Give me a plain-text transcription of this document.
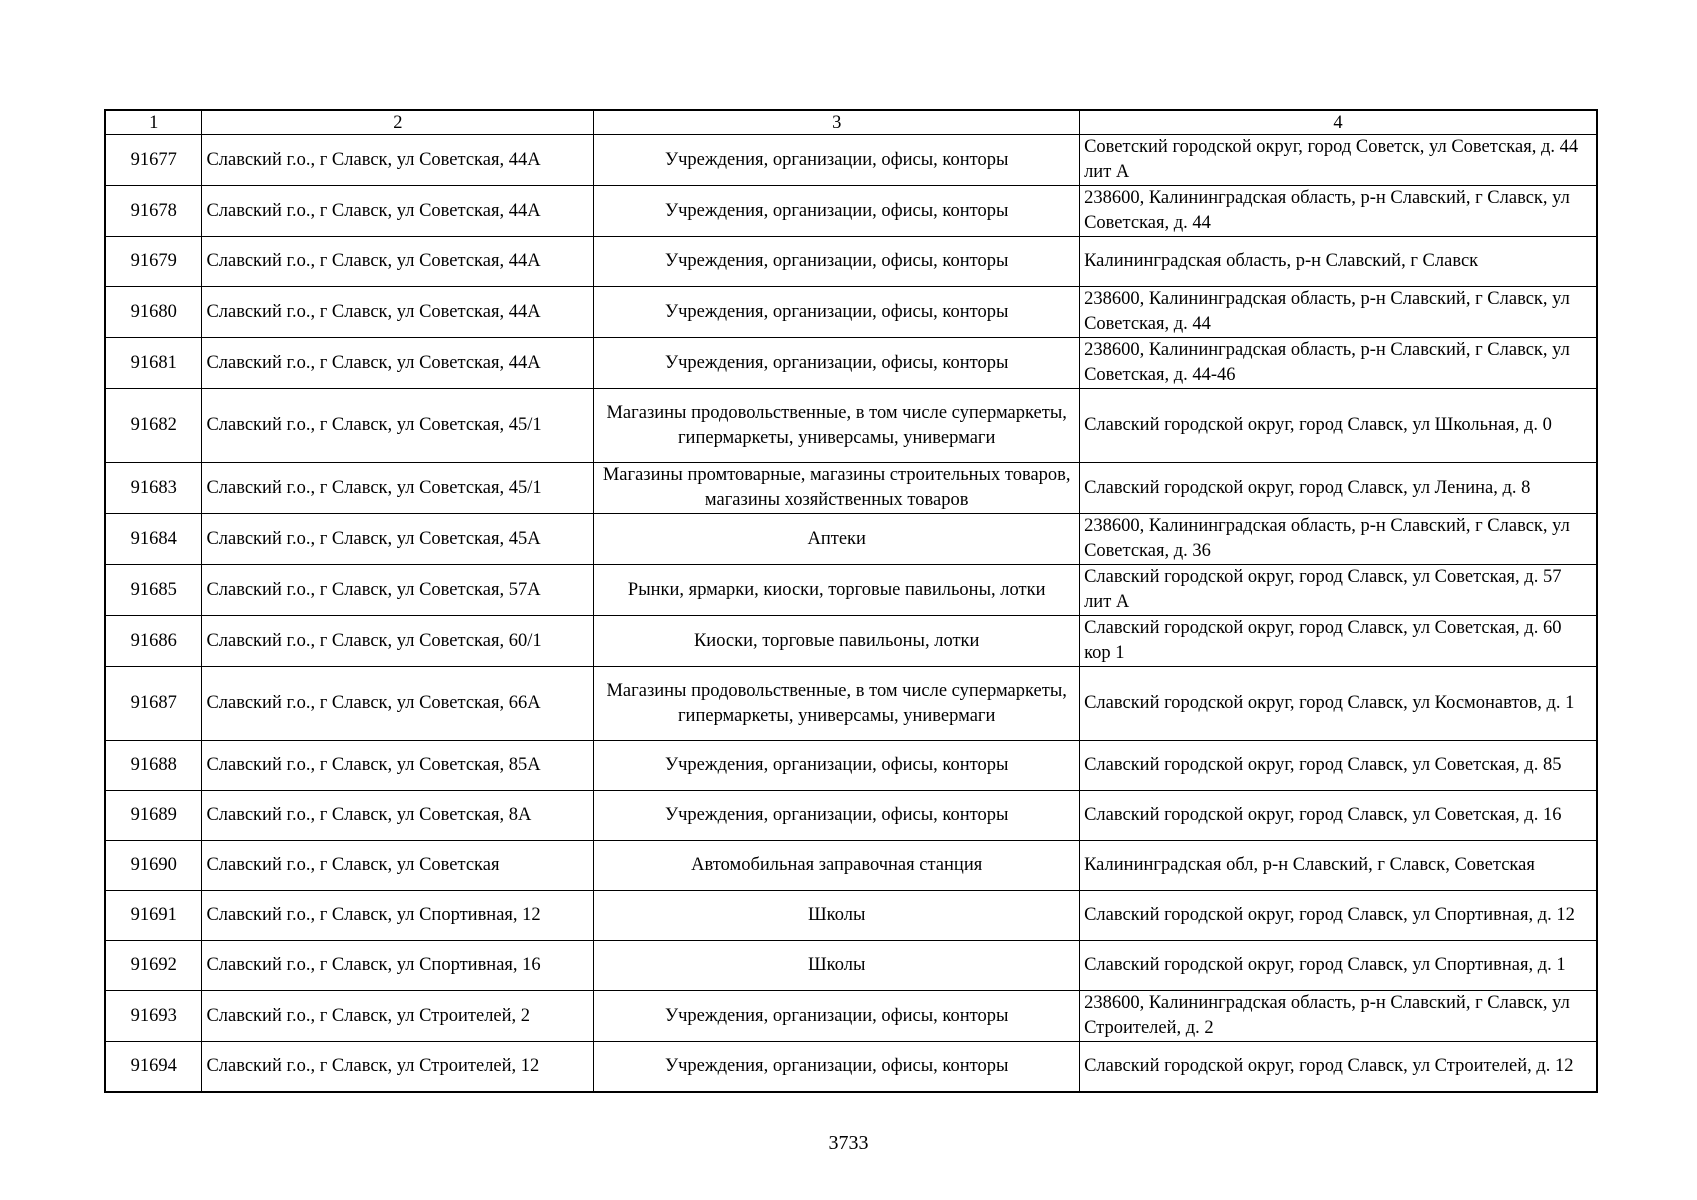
1	2	3	4
91677	Славский г.о., г Славск, ул Советская, 44А	Учреждения, организации, офисы, конторы	Советский городской округ, город Советск, ул Советская, д. 44 лит А
91678	Славский г.о., г Славск, ул Советская, 44А	Учреждения, организации, офисы, конторы	238600, Калининградская область, р-н Славский, г Славск, ул Советская, д. 44
91679	Славский г.о., г Славск, ул Советская, 44А	Учреждения, организации, офисы, конторы	Калининградская область, р-н Славский, г Славск
91680	Славский г.о., г Славск, ул Советская, 44А	Учреждения, организации, офисы, конторы	238600, Калининградская область, р-н Славский, г Славск, ул Советская, д. 44
91681	Славский г.о., г Славск, ул Советская, 44А	Учреждения, организации, офисы, конторы	238600, Калининградская область, р-н Славский, г Славск, ул Советская, д. 44-46
91682	Славский г.о., г Славск, ул Советская, 45/1	Магазины продовольственные, в том числе супермаркеты, гипермаркеты, универсамы, универмаги	Славский городской округ, город Славск, ул Школьная, д. 0
91683	Славский г.о., г Славск, ул Советская, 45/1	Магазины промтоварные, магазины строительных товаров, магазины хозяйственных товаров	Славский городской округ, город Славск, ул Ленина, д. 8
91684	Славский г.о., г Славск, ул Советская, 45А	Аптеки	238600, Калининградская область, р-н Славский, г Славск, ул Советская, д. 36
91685	Славский г.о., г Славск, ул Советская, 57А	Рынки, ярмарки, киоски, торговые павильоны, лотки	Славский городской округ, город Славск, ул Советская, д. 57 лит А
91686	Славский г.о., г Славск, ул Советская, 60/1	Киоски, торговые павильоны, лотки	Славский городской округ, город Славск, ул Советская, д. 60 кор 1
91687	Славский г.о., г Славск, ул Советская, 66А	Магазины продовольственные, в том числе супермаркеты, гипермаркеты, универсамы, универмаги	Славский городской округ, город Славск, ул Космонавтов, д. 1
91688	Славский г.о., г Славск, ул Советская, 85А	Учреждения, организации, офисы, конторы	Славский городской округ, город Славск, ул Советская, д. 85
91689	Славский г.о., г Славск, ул Советская, 8А	Учреждения, организации, офисы, конторы	Славский городской округ, город Славск, ул Советская, д. 16
91690	Славский г.о., г Славск, ул Советская	Автомобильная заправочная станция	Калининградская обл, р-н Славский, г Славск, Советская
91691	Славский г.о., г Славск, ул Спортивная, 12	Школы	Славский городской округ, город Славск, ул Спортивная, д. 12
91692	Славский г.о., г Славск, ул Спортивная, 16	Школы	Славский городской округ, город Славск, ул Спортивная, д. 1
91693	Славский г.о., г Славск, ул Строителей, 2	Учреждения, организации, офисы, конторы	238600, Калининградская область, р-н Славский, г Славск, ул Строителей, д. 2
91694	Славский г.о., г Славск, ул Строителей, 12	Учреждения, организации, офисы, конторы	Славский городской округ, город Славск, ул Строителей, д. 12
3733
